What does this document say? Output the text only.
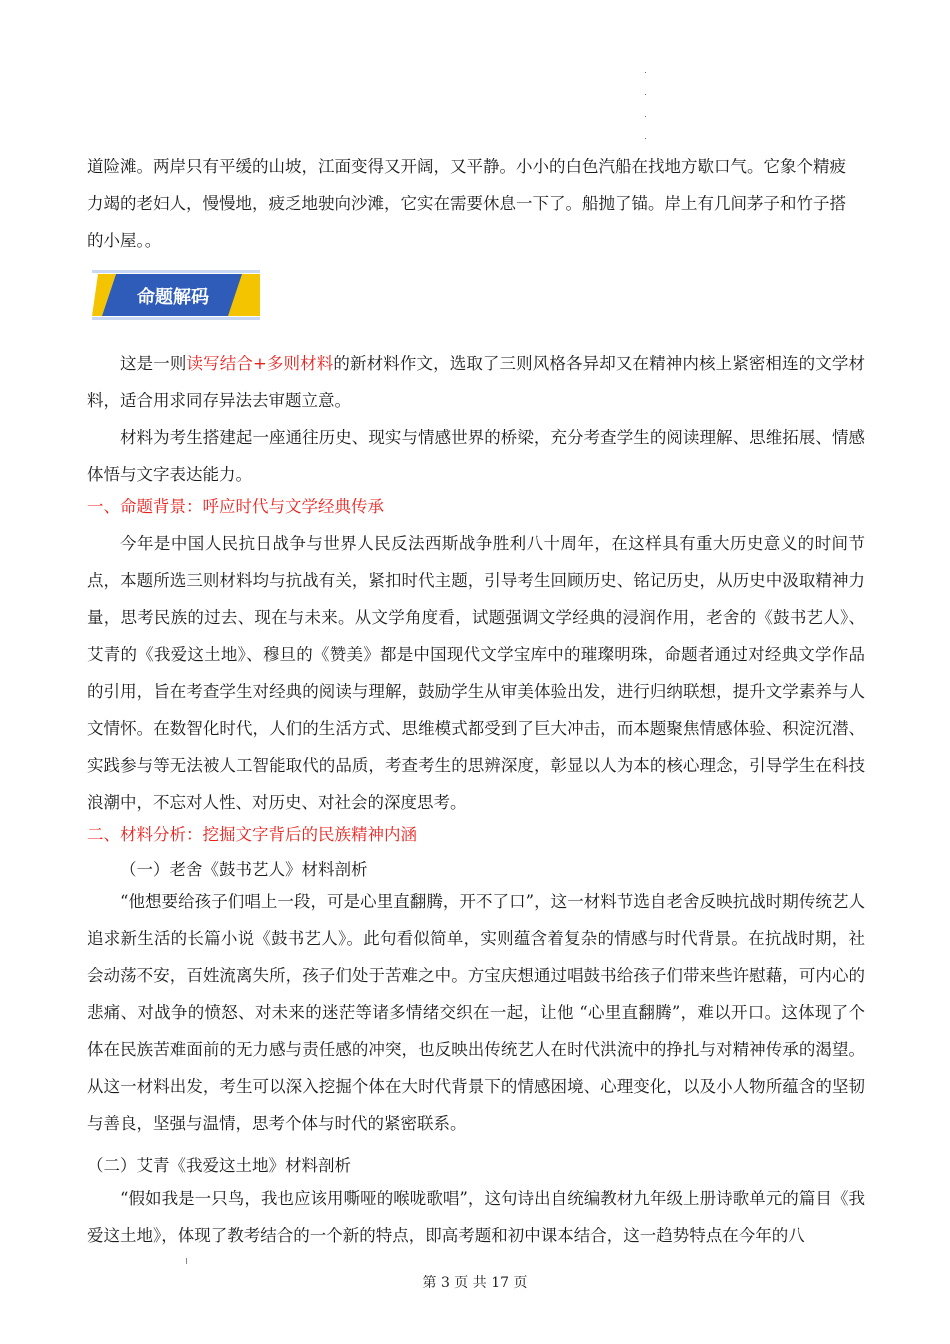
道险滩。两岸只有平缓的山坡，江面变得又开阔，又平静。小小的白色汽船在找地方歇口气。它象个精疲

力竭的老妇人，慢慢地，疲乏地驶向沙滩，它实在需要休息一下了。船抛了锚。岸上有几间茅子和竹子搭

的小屋。。

命题解码

这是一则读写结合+多则材料的新材料作文，选取了三则风格各异却又在精神内核上紧密相连的文学材料，适合用求同存异法去审题立意。

材料为考生搭建起一座通往历史、现实与情感世界的桥梁，充分考查学生的阅读理解、思维拓展、情感体悟与文字表达能力。

一、命题背景：呼应时代与文学经典传承

今年是中国人民抗日战争与世界人民反法西斯战争胜利八十周年，在这样具有重大历史意义的时间节点，本题所选三则材料均与抗战有关，紧扣时代主题，引导考生回顾历史、铭记历史，从历史中汲取精神力量，思考民族的过去、现在与未来。从文学角度看，试题强调文学经典的浸润作用，老舍的《鼓书艺人》、艾青的《我爱这土地》、穆旦的《赞美》都是中国现代文学宝库中的璀璨明珠，命题者通过对经典文学作品的引用，旨在考查学生对经典的阅读与理解，鼓励学生从审美体验出发，进行归纳联想，提升文学素养与人文情怀。在数智化时代，人们的生活方式、思维模式都受到了巨大冲击，而本题聚焦情感体验、积淀沉潜、实践参与等无法被人工智能取代的品质，考查考生的思辨深度，彰显以人为本的核心理念，引导学生在科技浪潮中，不忘对人性、对历史、对社会的深度思考。

二、材料分析：挖掘文字背后的民族精神内涵

（一）老舍《鼓书艺人》材料剖析

“他想要给孩子们唱上一段，可是心里直翻腾，开不了口”，这一材料节选自老舍反映抗战时期传统艺人追求新生活的长篇小说《鼓书艺人》。此句看似简单，实则蕴含着复杂的情感与时代背景。在抗战时期，社会动荡不安，百姓流离失所，孩子们处于苦难之中。方宝庆想通过唱鼓书给孩子们带来些许慰藉，可内心的悲痛、对战争的愤怒、对未来的迷茫等诸多情绪交织在一起，让他 “心里直翻腾”，难以开口。这体现了个体在民族苦难面前的无力感与责任感的冲突，也反映出传统艺人在时代洪流中的挣扎与对精神传承的渴望。从这一材料出发，考生可以深入挖掘个体在大时代背景下的情感困境、心理变化，以及小人物所蕴含的坚韧与善良，坚强与温情，思考个体与时代的紧密联系。

（二）艾青《我爱这土地》材料剖析

“假如我是一只鸟，我也应该用嘶哑的喉咙歌唱”，这句诗出自统编教材九年级上册诗歌单元的篇目《我爱这土地》，体现了教考结合的一个新的特点，即高考题和初中课本结合，这一趋势特点在今年的八

第 3 页 共 17 页
